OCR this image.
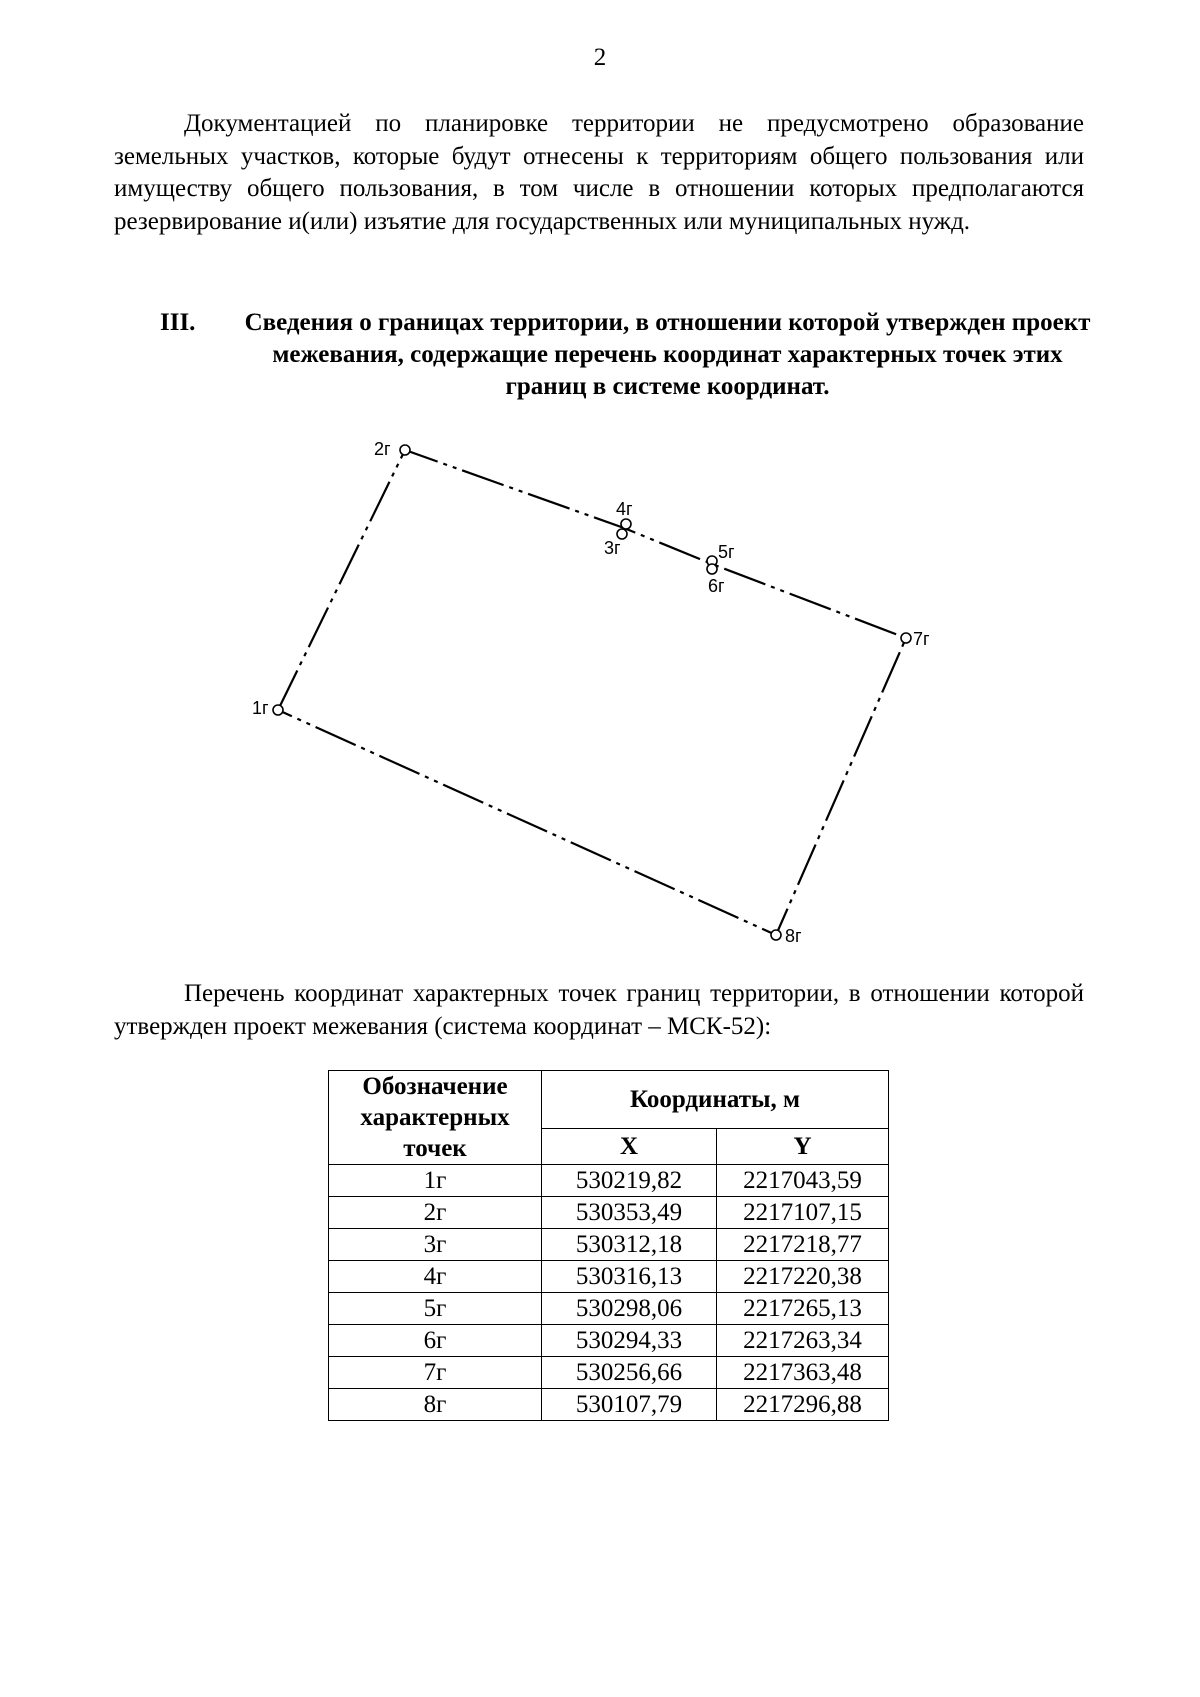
2
Документацией по планировке территории не предусмотрено образование земельных участков, которые будут отнесены к территориям общего пользования или имуществу общего пользования, в том числе в отношении которых предполагаются резервирование и(или) изъятие для государственных или муниципальных нужд.
III.	Сведения о границах территории, в отношении которой утвержден проект межевания, содержащие перечень координат характерных точек этих границ в системе координат.
1г
2г
3г
4г
5г
6г
7г
8г
Перечень координат характерных точек границ территории, в отношении которой утвержден проект межевания (система координат – МСК-52):
Обозначение характерных точек	Координаты, м	
	X	Y
1г	530219,82	2217043,59
2г	530353,49	2217107,15
3г	530312,18	2217218,77
4г	530316,13	2217220,38
5г	530298,06	2217265,13
6г	530294,33	2217263,34
7г	530256,66	2217363,48
8г	530107,79	2217296,88
